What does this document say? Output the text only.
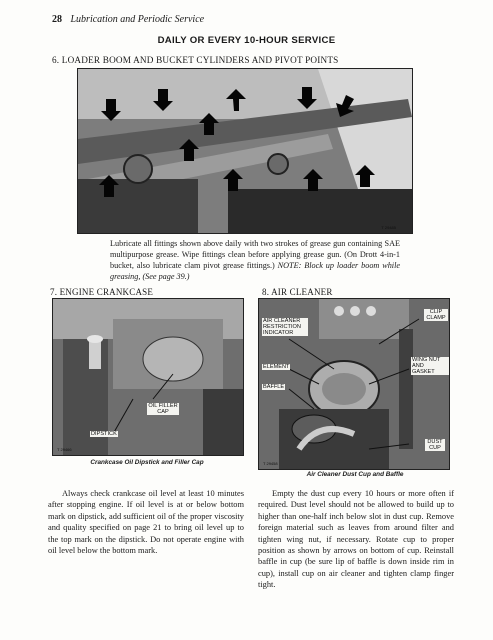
28 Lubrication and Periodic Service
DAILY OR EVERY 10-HOUR SERVICE
6. LOADER BOOM AND BUCKET CYLINDERS AND PIVOT POINTS
T 29485
Lubricate all fittings shown above daily with two strokes of grease gun containing SAE multipurpose grease. Wipe fittings clean before applying grease gun. (On Drott 4-in-1 bucket, also lubricate clam pivot grease fittings.) NOTE: Block up loader boom while greasing, (See page 39.)
7. ENGINE CRANKCASE	8. AIR CLEANER
T 29466
OIL FILLER CAP
DIPSTICK
Crankcase Oil Dipstick and Filler Cap	T 29458
AIR CLEANER RESTRICTION INDICATOR
CLIP CLAMP
ELEMENT
WING NUT AND GASKET
BAFFLE
DUST CUP
Air Cleaner Dust Cup and Baffle
Always check crankcase oil level at least 10 minutes after stopping engine. If oil level is at or below bottom mark on dipstick, add sufficient oil of the proper viscosity and quality specified on page 21 to bring oil level up to the top mark on the dipstick. Do not operate engine with oil level below the bottom mark.
Empty the dust cup every 10 hours or more often if required. Dust level should not be allowed to build up to higher than one-half inch below slot in dust cup. Remove foreign material such as leaves from around filter and tighten wing nut, if necessary. Rotate cup to proper position as shown by arrows on bottom of cup. Reinstall baffle in cup (be sure lip of baffle is down inside rim in cup), install cup on air cleaner and tighten clamp finger tight.
